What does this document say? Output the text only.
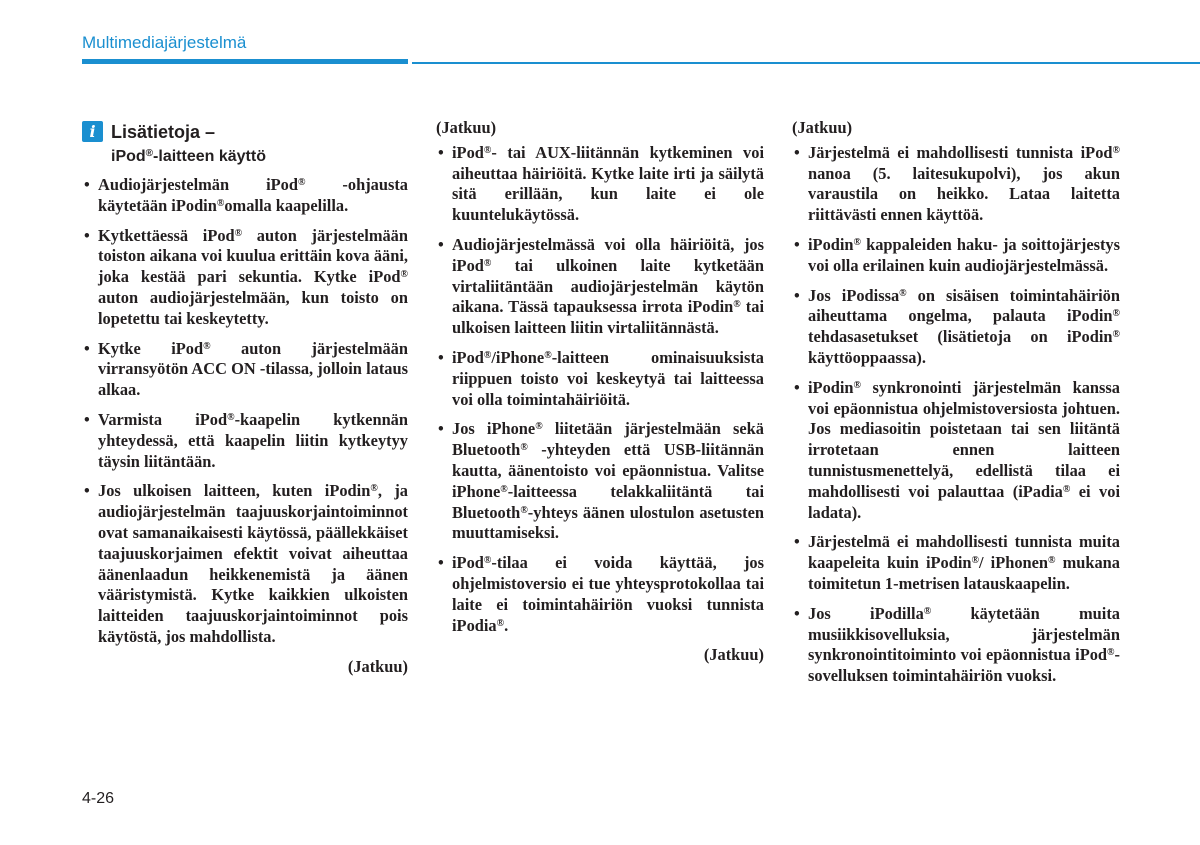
Multimediajärjestelmä
i Lisätietoja –
iPod®-laitteen käyttö
• Audiojärjestelmän iPod® -ohjausta käytetään iPodin®omalla kaapelilla.
• Kytkettäessä iPod® auton järjestelmään toiston aikana voi kuulua erittäin kova ääni, joka kestää pari sekuntia. Kytke iPod® auton audiojärjestelmään, kun toisto on lopetettu tai keskeytetty.
• Kytke iPod® auton järjestelmään virransyötön ACC ON -tilassa, jolloin lataus alkaa.
• Varmista iPod®-kaapelin kytkennän yhteydessä, että kaapelin liitin kytkeytyy täysin liitäntään.
• Jos ulkoisen laitteen, kuten iPodin®, ja audiojärjestelmän taajuuskorjaintoiminnot ovat samanaikaisesti käytössä, päällekkäiset taajuuskorjaimen efektit voivat aiheuttaa äänenlaadun heikkenemistä ja äänen vääristymistä. Kytke kaikkien ulkoisten laitteiden taajuuskorjaintoiminnot pois käytöstä, jos mahdollista.
(Jatkuu)
(Jatkuu)
• iPod®- tai AUX-liitännän kytkeminen voi aiheuttaa häiriöitä. Kytke laite irti ja säilytä sitä erillään, kun laite ei ole kuuntelukäytössä.
• Audiojärjestelmässä voi olla häiriöitä, jos iPod® tai ulkoinen laite kytketään virtaliitäntään audiojärjestelmän käytön aikana. Tässä tapauksessa irrota iPodin® tai ulkoisen laitteen liitin virtaliitännästä.
• iPod®/iPhone®-laitteen ominaisuuksista riippuen toisto voi keskeytyä tai laitteessa voi olla toimintahäiriöitä.
• Jos iPhone® liitetään järjestelmään sekä Bluetooth® -yhteyden että USB-liitännän kautta, äänentoisto voi epäonnistua. Valitse iPhone®-laitteessa telakkaliitäntä tai Bluetooth®-yhteys äänen ulostulon asetusten muuttamiseksi.
• iPod®-tilaa ei voida käyttää, jos ohjelmistoversio ei tue yhteysprotokollaa tai laite ei toimintahäiriön vuoksi tunnista iPodia®.
(Jatkuu)
(Jatkuu)
• Järjestelmä ei mahdollisesti tunnista iPod® nanoa (5. laitesukupolvi), jos akun varaustila on heikko. Lataa laitetta riittävästi ennen käyttöä.
• iPodin® kappaleiden haku- ja soittojärjestys voi olla erilainen kuin audiojärjestelmässä.
• Jos iPodissa® on sisäisen toimintahäiriön aiheuttama ongelma, palauta iPodin® tehdasasetukset (lisätietoja on iPodin® käyttöoppaassa).
• iPodin® synkronointi järjestelmän kanssa voi epäonnistua ohjelmistoversiosta johtuen. Jos mediasoitin poistetaan tai sen liitäntä irrotetaan ennen laitteen tunnistusmenettelyä, edellistä tilaa ei mahdollisesti voi palauttaa (iPadia® ei voi ladata).
• Järjestelmä ei mahdollisesti tunnista muita kaapeleita kuin iPodin®/ iPhonen® mukana toimitetun 1-metrisen latauskaapelin.
• Jos iPodilla® käytetään muita musiikkisovelluksia, järjestelmän synkronointitoiminto voi epäonnistua iPod®-sovelluksen toimintahäiriön vuoksi.
4-26
